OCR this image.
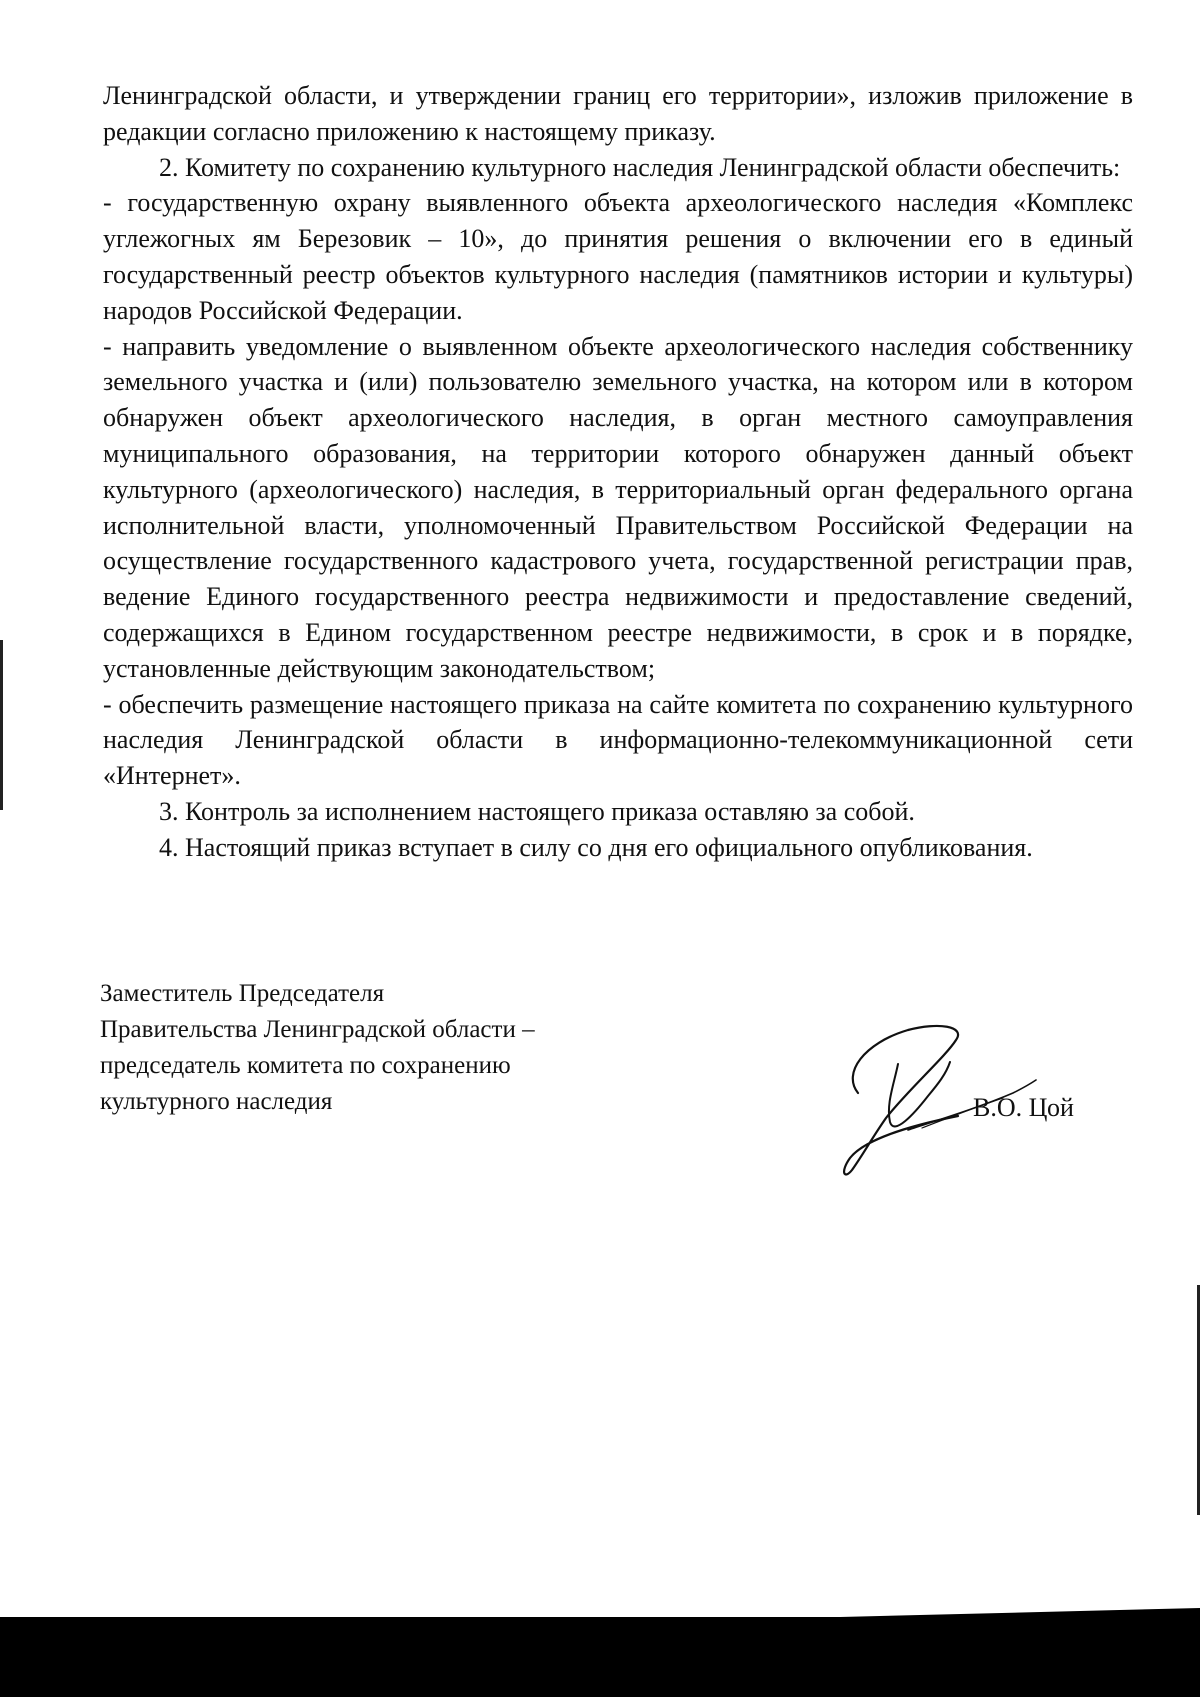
Ленинградской области, и утверждении границ его территории», изложив приложение в редакции согласно приложению к настоящему приказу.

2. Комитету по сохранению культурного наследия Ленинградской области обеспечить:

- государственную охрану выявленного объекта археологического наследия «Комплекс углежогных ям Березовик – 10», до принятия решения о включении его в единый государственный реестр объектов культурного наследия (памятников истории и культуры) народов Российской Федерации.

- направить уведомление о выявленном объекте археологического наследия собственнику земельного участка и (или) пользователю земельного участка, на котором или в котором обнаружен объект археологического наследия, в орган местного самоуправления муниципального образования, на территории которого обнаружен данный объект культурного (археологического) наследия, в территориальный орган федерального органа исполнительной власти, уполномоченный Правительством Российской Федерации на осуществление государственного кадастрового учета, государственной регистрации прав, ведение Единого государственного реестра недвижимости и предоставление сведений, содержащихся в Едином государственном реестре недвижимости, в срок и в порядке, установленные действующим законодательством;

- обеспечить размещение настоящего приказа на сайте комитета по сохранению культурного наследия Ленинградской области в информационно-телекоммуникационной сети «Интернет».

3. Контроль за исполнением настоящего приказа оставляю за собой.

4. Настоящий приказ вступает в силу со дня его официального опубликования.

Заместитель Председателя
Правительства Ленинградской области –
председатель комитета по сохранению
культурного наследия	В.О. Цой
